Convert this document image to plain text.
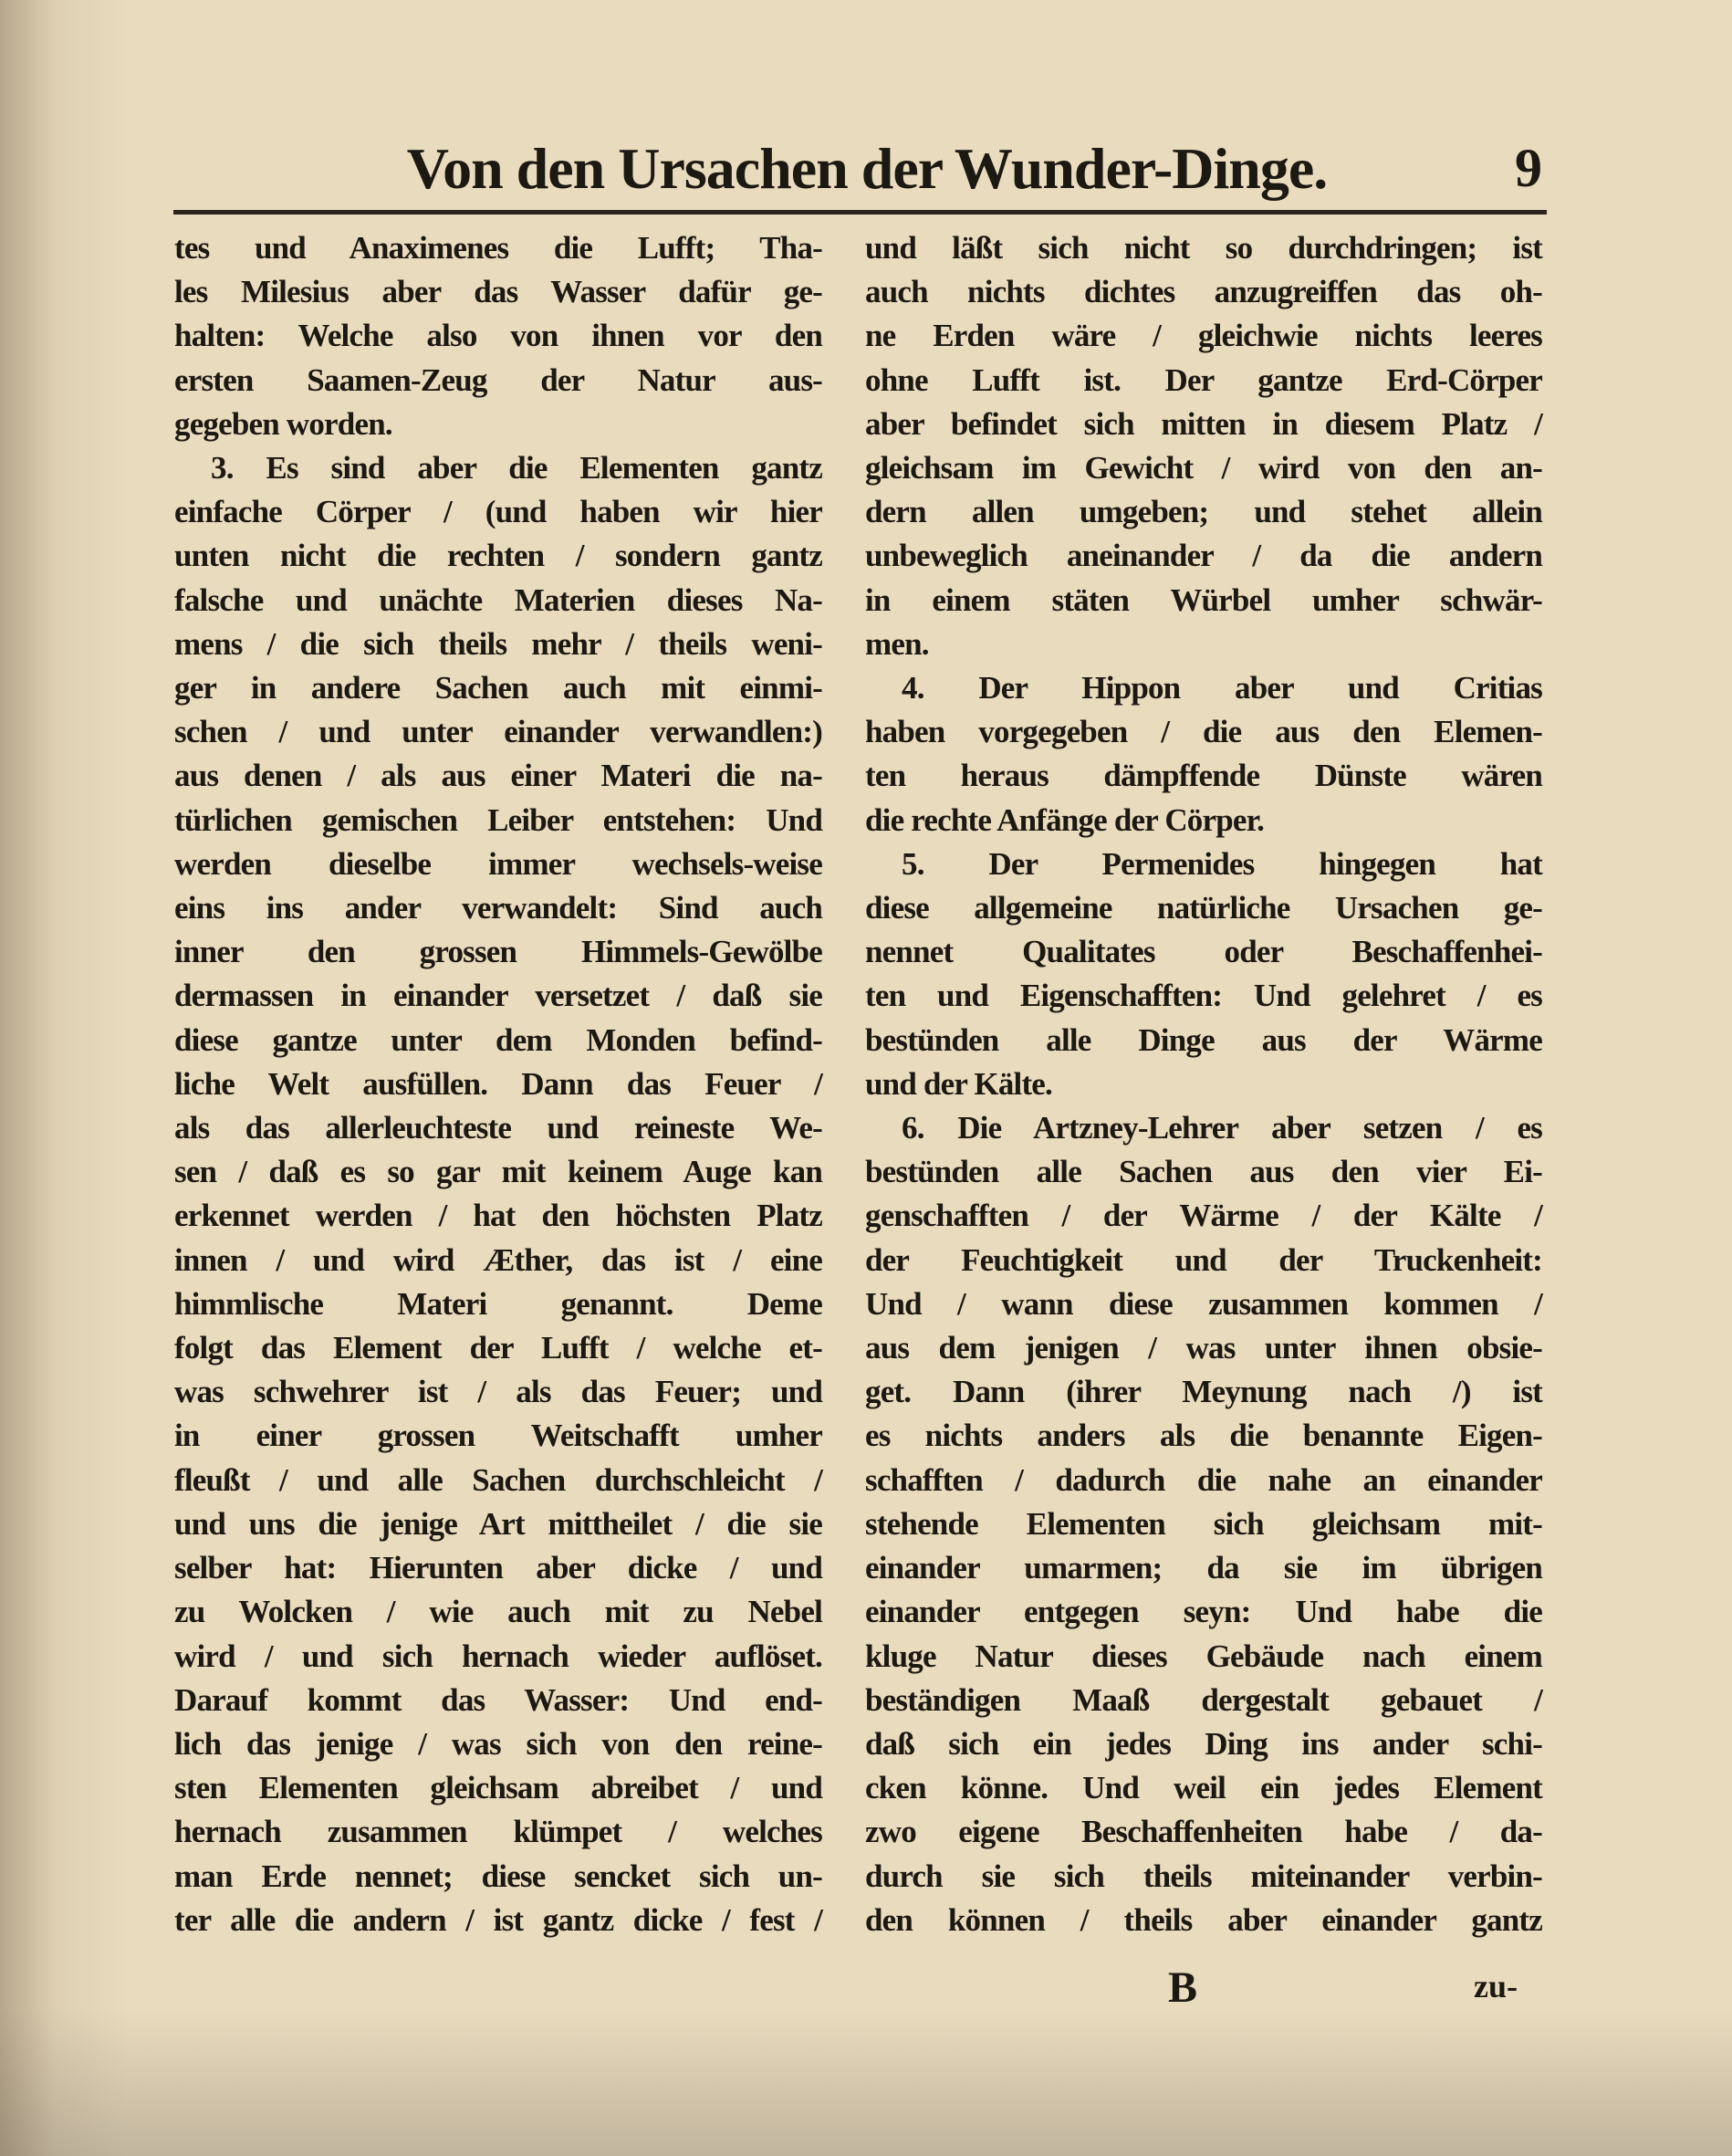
Von den Ursachen der Wunder-Dinge.	9
tes und Anaximenes die Lufft; Tha-
les Milesius aber das Wasser dafür ge-
halten: Welche also von ihnen vor den
ersten Saamen-Zeug der Natur aus-
gegeben worden.
3. Es sind aber die Elementen gantz
einfache Cörper / (und haben wir hier
unten nicht die rechten / sondern gantz
falsche und unächte Materien dieses Na-
mens / die sich theils mehr / theils weni-
ger in andere Sachen auch mit einmi-
schen / und unter einander verwandlen:)
aus denen / als aus einer Materi die na-
türlichen gemischen Leiber entstehen: Und
werden dieselbe immer wechsels-weise
eins ins ander verwandelt: Sind auch
inner den grossen Himmels-Gewölbe
dermassen in einander versetzet / daß sie
diese gantze unter dem Monden befind-
liche Welt ausfüllen. Dann das Feuer /
als das allerleuchteste und reineste We-
sen / daß es so gar mit keinem Auge kan
erkennet werden / hat den höchsten Platz
innen / und wird Æther, das ist / eine
himmlische Materi genannt. Deme
folgt das Element der Lufft / welche et-
was schwehrer ist / als das Feuer; und
in einer grossen Weitschafft umher
fleußt / und alle Sachen durchschleicht /
und uns die jenige Art mittheilet / die sie
selber hat: Hierunten aber dicke / und
zu Wolcken / wie auch mit zu Nebel
wird / und sich hernach wieder auflöset.
Darauf kommt das Wasser: Und end-
lich das jenige / was sich von den reine-
sten Elementen gleichsam abreibet / und
hernach zusammen klümpet / welches
man Erde nennet; diese sencket sich un-
ter alle die andern / ist gantz dicke / fest /
und läßt sich nicht so durchdringen; ist
auch nichts dichtes anzugreiffen das oh-
ne Erden wäre / gleichwie nichts leeres
ohne Lufft ist. Der gantze Erd-Cörper
aber befindet sich mitten in diesem Platz /
gleichsam im Gewicht / wird von den an-
dern allen umgeben; und stehet allein
unbeweglich aneinander / da die andern
in einem stäten Würbel umher schwär-
men.
4. Der Hippon aber und Critias
haben vorgegeben / die aus den Elemen-
ten heraus dämpffende Dünste wären
die rechte Anfänge der Cörper.
5. Der Permenides hingegen hat
diese allgemeine natürliche Ursachen ge-
nennet Qualitates oder Beschaffenhei-
ten und Eigenschafften: Und gelehret / es
bestünden alle Dinge aus der Wärme
und der Kälte.
6. Die Artzney-Lehrer aber setzen / es
bestünden alle Sachen aus den vier Ei-
genschafften / der Wärme / der Kälte /
der Feuchtigkeit und der Truckenheit:
Und / wann diese zusammen kommen /
aus dem jenigen / was unter ihnen obsie-
get. Dann (ihrer Meynung nach /) ist
es nichts anders als die benannte Eigen-
schafften / dadurch die nahe an einander
stehende Elementen sich gleichsam mit-
einander umarmen; da sie im übrigen
einander entgegen seyn: Und habe die
kluge Natur dieses Gebäude nach einem
beständigen Maaß dergestalt gebauet /
daß sich ein jedes Ding ins ander schi-
cken könne. Und weil ein jedes Element
zwo eigene Beschaffenheiten habe / da-
durch sie sich theils miteinander verbin-
den können / theils aber einander gantz
B	zu-
